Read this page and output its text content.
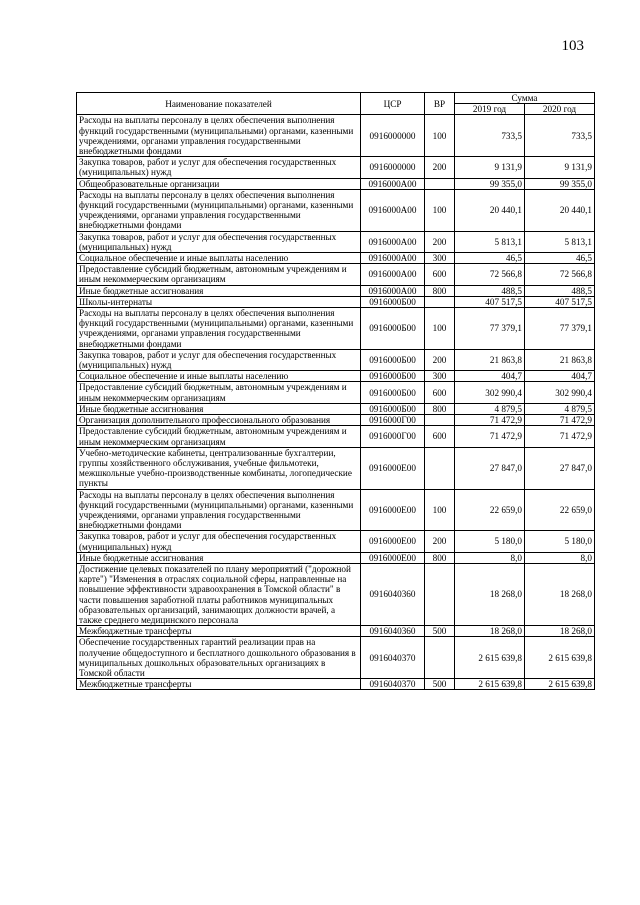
103
Наименование показателей	ЦСР	ВР	Сумма	
			2019 год	2020 год
Расходы на выплаты персоналу в целях обеспечения выполнения функций государственными (муниципальными) органами, казенными учреждениями, органами управления государственными внебюджетными фондами	0916000000	100	733,5	733,5
Закупка товаров, работ и услуг для обеспечения государственных (муниципальных) нужд	0916000000	200	9 131,9	9 131,9
Общеобразовательные организации	0916000А00		99 355,0	99 355,0
Расходы на выплаты персоналу в целях обеспечения выполнения функций государственными (муниципальными) органами, казенными учреждениями, органами управления государственными внебюджетными фондами	0916000А00	100	20 440,1	20 440,1
Закупка товаров, работ и услуг для обеспечения государственных (муниципальных) нужд	0916000А00	200	5 813,1	5 813,1
Социальное обеспечение и иные выплаты населению	0916000А00	300	46,5	46,5
Предоставление субсидий бюджетным, автономным учреждениям и иным некоммерческим организациям	0916000А00	600	72 566,8	72 566,8
Иные бюджетные ассигнования	0916000А00	800	488,5	488,5
Школы-интернаты	0916000Б00		407 517,5	407 517,5
Расходы на выплаты персоналу в целях обеспечения выполнения функций государственными (муниципальными) органами, казенными учреждениями, органами управления государственными внебюджетными фондами	0916000Б00	100	77 379,1	77 379,1
Закупка товаров, работ и услуг для обеспечения государственных (муниципальных) нужд	0916000Б00	200	21 863,8	21 863,8
Социальное обеспечение и иные выплаты населению	0916000Б00	300	404,7	404,7
Предоставление субсидий бюджетным, автономным учреждениям и иным некоммерческим организациям	0916000Б00	600	302 990,4	302 990,4
Иные бюджетные ассигнования	0916000Б00	800	4 879,5	4 879,5
Организация дополнительного профессионального образования	0916000Г00		71 472,9	71 472,9
Предоставление субсидий бюджетным, автономным учреждениям и иным некоммерческим организациям	0916000Г00	600	71 472,9	71 472,9
Учебно-методические кабинеты, централизованные бухгалтерии, группы хозяйственного обслуживания, учебные фильмотеки, межшкольные учебно-производственные комбинаты, логопедические пункты	0916000Е00		27 847,0	27 847,0
Расходы на выплаты персоналу в целях обеспечения выполнения функций государственными (муниципальными) органами, казенными учреждениями, органами управления государственными внебюджетными фондами	0916000Е00	100	22 659,0	22 659,0
Закупка товаров, работ и услуг для обеспечения государственных (муниципальных) нужд	0916000Е00	200	5 180,0	5 180,0
Иные бюджетные ассигнования	0916000Е00	800	8,0	8,0
Достижение целевых показателей по плану мероприятий ("дорожной карте") "Изменения в отраслях социальной сферы, направленные на повышение эффективности здравоохранения в Томской области" в части повышения заработной платы работников муниципальных образовательных организаций, занимающих должности врачей, а также среднего медицинского персонала	0916040360		18 268,0	18 268,0
Межбюджетные трансферты	0916040360	500	18 268,0	18 268,0
Обеспечение государственных гарантий реализации прав на получение общедоступного и бесплатного дошкольного образования в муниципальных дошкольных образовательных организациях в Томской области	0916040370		2 615 639,8	2 615 639,8
Межбюджетные трансферты	0916040370	500	2 615 639,8	2 615 639,8
